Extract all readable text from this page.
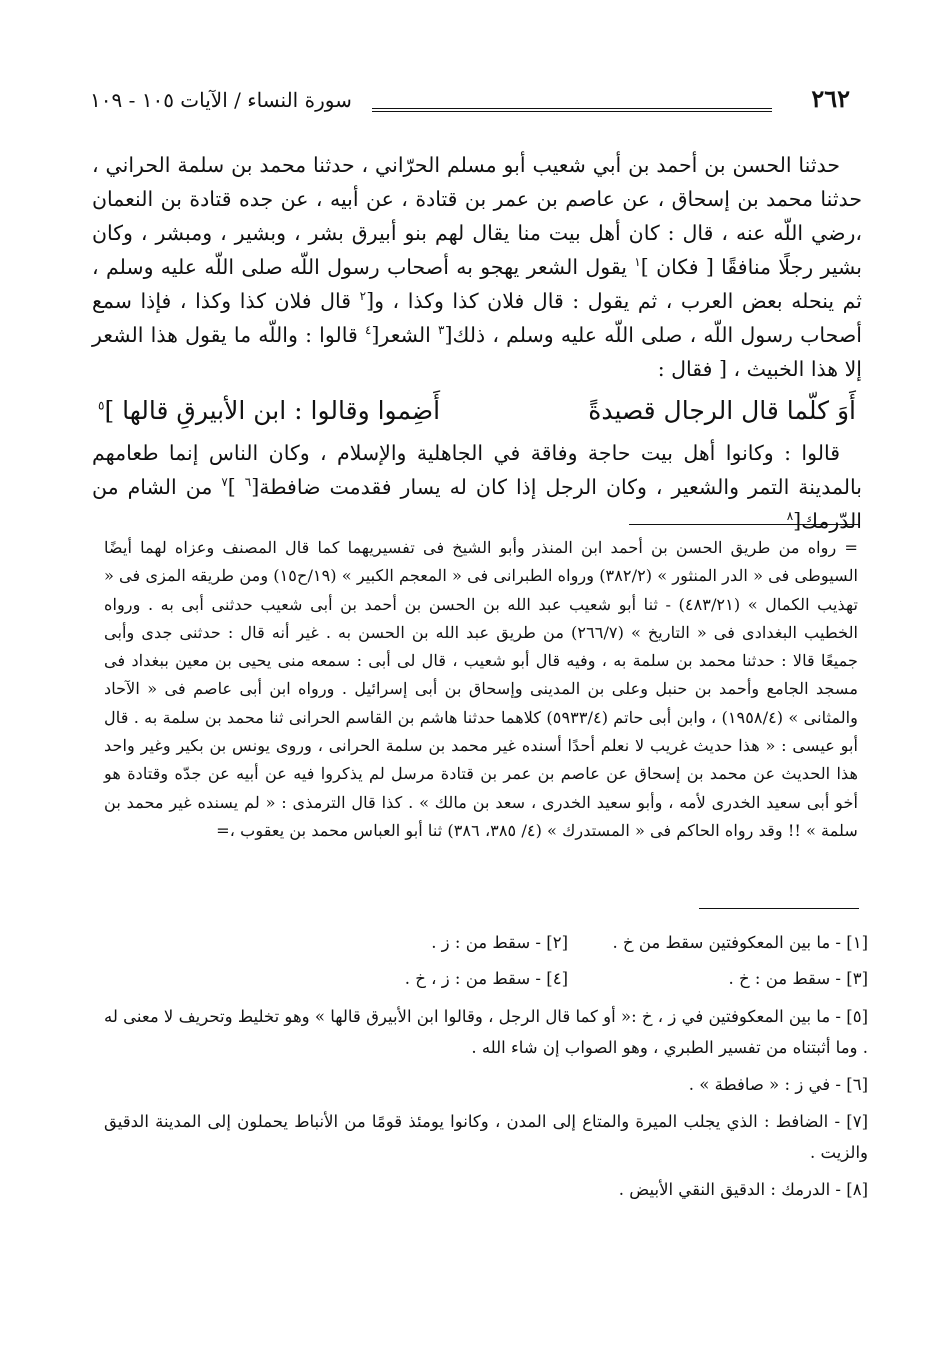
٢٦٢
سورة النساء / الآيات ١٠٥ - ١٠٩

حدثنا الحسن بن أحمد بن أبي شعيب أبو مسلم الحرّاني ، حدثنا محمد بن سلمة الحراني ، حدثنا محمد بن إسحاق ، عن عاصم بن عمر بن قتادة ، عن أبيه ، عن جده قتادة بن النعمان ،رضي اللّه عنه ، قال : كان أهل بيت منا يقال لهم بنو أبيرق بشر ، وبشير ، ومبشر ، وكان بشير رجلًا منافقًا [ فكان ]$^١$ يقول الشعر يهجو به أصحاب رسول اللّه صلى اللّه عليه وسلم ، ثم ينحله بعض العرب ، ثم يقول : قال فلان كذا وكذا ، و[$^٢$ قال فلان كذا وكذا ، فإذا سمع أصحاب رسول اللّه ، صلى اللّه عليه وسلم ، ذلك[$^٣$ الشعر[$^٤$ قالوا : واللّه ما يقول هذا الشعر إلا هذا الخبيث ، [ فقال :

أَوَ كلّما قال الرجال قصيدةً
أَضِموا وقالوا : ابن الأبيرقِ قالها ]$^٥$

قالوا : وكانوا أهل بيت حاجة وفاقة في الجاهلية والإسلام ، وكان الناس إنما طعامهم بالمدينة التمر والشعير ، وكان الرجل إذا كان له يسار فقدمت ضافطة[$^٦$ ]$^٧$ من الشام من الدّرمك[$^٨$

= رواه من طريق الحسن بن أحمد ابن المنذر وأبو الشيخ فى تفسيريهما كما قال المصنف وعزاه لهما أيضًا السيوطى فى « الدر المنثور » (٣٨٢/٢) ورواه الطبرانى فى « المعجم الكبير » (١٩/ح١٥) ومن طريقه المزى فى « تهذيب الكمال » (٤٨٣/٢١) - ثنا أبو شعيب عبد الله بن الحسن بن أحمد بن أبى شعيب حدثنى أبى به . ورواه الخطيب البغدادى فى « التاريخ » (٢٦٦/٧) من طريق عبد الله بن الحسن به . غير أنه قال : حدثنى جدى وأبى جميعًا قالا : حدثنا محمد بن سلمة به ، وفيه قال أبو شعيب ، قال لى أبى : سمعه منى يحيى بن معين ببغداد فى مسجد الجامع وأحمد بن حنبل وعلى بن المدينى وإسحاق بن أبى إسرائيل . ورواه ابن أبى عاصم فى « الآحاد والمثانى » (١٩٥٨/٤) ، وابن أبى حاتم (٥٩٣٣/٤) كلاهما حدثنا هاشم بن القاسم الحرانى ثنا محمد بن سلمة به . قال أبو عيسى : « هذا حديث غريب لا نعلم أحدًا أسنده غير محمد بن سلمة الحرانى ، وروى يونس بن بكير وغير واحد هذا الحديث عن محمد بن إسحاق عن عاصم بن عمر بن قتادة مرسل لم يذكروا فيه عن أبيه عن جدّه وقتادة هو أخو أبى سعيد الخدرى لأمه ، وأبو سعيد الخدرى ، سعد بن مالك » . كذا قال الترمذى : « لم يسنده غير محمد بن سلمة » !! وقد رواه الحاكم فى « المستدرك » (٤/ ٣٨٥، ٣٨٦) ثنا أبو العباس محمد بن يعقوب ،=

[١] - ما بين المعكوفتين سقط من خ .
[٢] - سقط من : ز .
[٣] - سقط من : خ .
[٤] - سقط من : ز ، خ .

[٥] - ما بين المعكوفتين في ز ، خ :« أو كما قال الرجل ، وقالوا ابن الأبيرق قالها » وهو تخليط وتحريف لا معنى له . وما أثبتناه من تفسير الطبري ، وهو الصواب إن شاء الله .

[٦] - في ز : « صافطة » .

[٧] - الضافط : الذي يجلب الميرة والمتاع إلى المدن ، وكانوا يومئذ قومًا من الأنباط يحملون إلى المدينة الدقيق والزيت .

[٨] - الدرمك : الدقيق النقي الأبيض .
